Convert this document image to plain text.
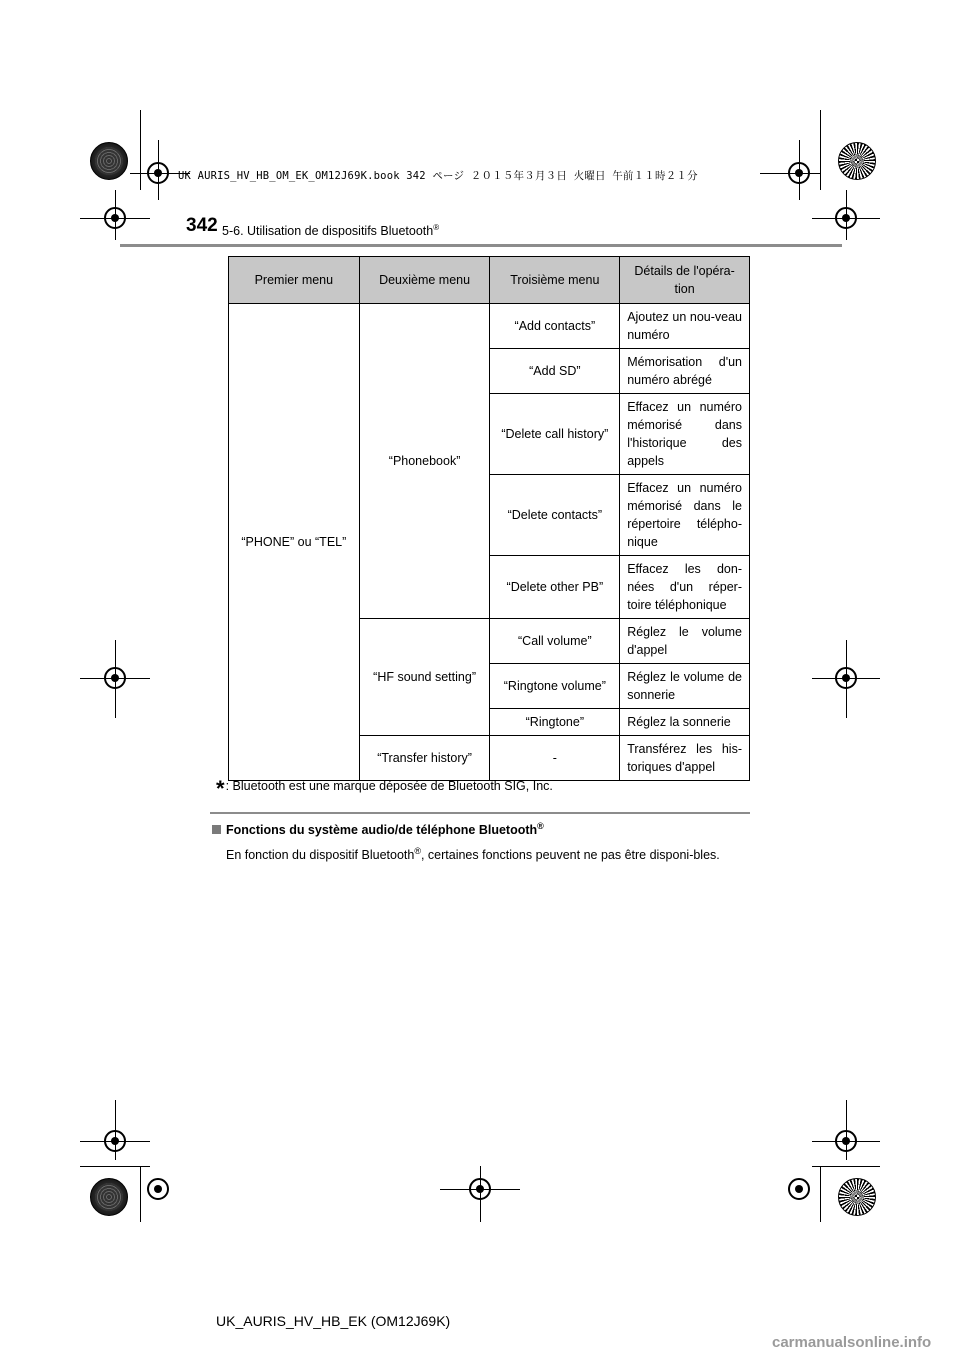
UK AURIS_HV_HB_OM_EK_OM12J69K.book 342 ページ ２０１５年３月３日 火曜日 午前１１時２１分
342 5-6. Utilisation de dispositifs Bluetooth®
Premier menu	Deuxième menu	Troisième menu	Détails de l'opéra-tion
“PHONE” ou “TEL”	“Phonebook”	“Add contacts”	Ajoutez un nou-veau numéro
		“Add SD”	Mémorisation d'un numéro abrégé
		“Delete call history”	Effacez un numéro mémorisé dans l'historique des appels
		“Delete contacts”	Effacez un numéro mémorisé dans le répertoire télépho-nique
		“Delete other PB”	Effacez les don-nées d'un réper-toire téléphonique
	“HF sound setting”	“Call volume”	Réglez le volume d'appel
		“Ringtone volume”	Réglez le volume de sonnerie
		“Ringtone”	Réglez la sonnerie
	“Transfer history”	-	Transférez les his-toriques d'appel
*: Bluetooth est une marque déposée de Bluetooth SIG, Inc.
Fonctions du système audio/de téléphone Bluetooth®
En fonction du dispositif Bluetooth®, certaines fonctions peuvent ne pas être disponi-bles.
UK_AURIS_HV_HB_EK (OM12J69K)
carmanualsonline.info
